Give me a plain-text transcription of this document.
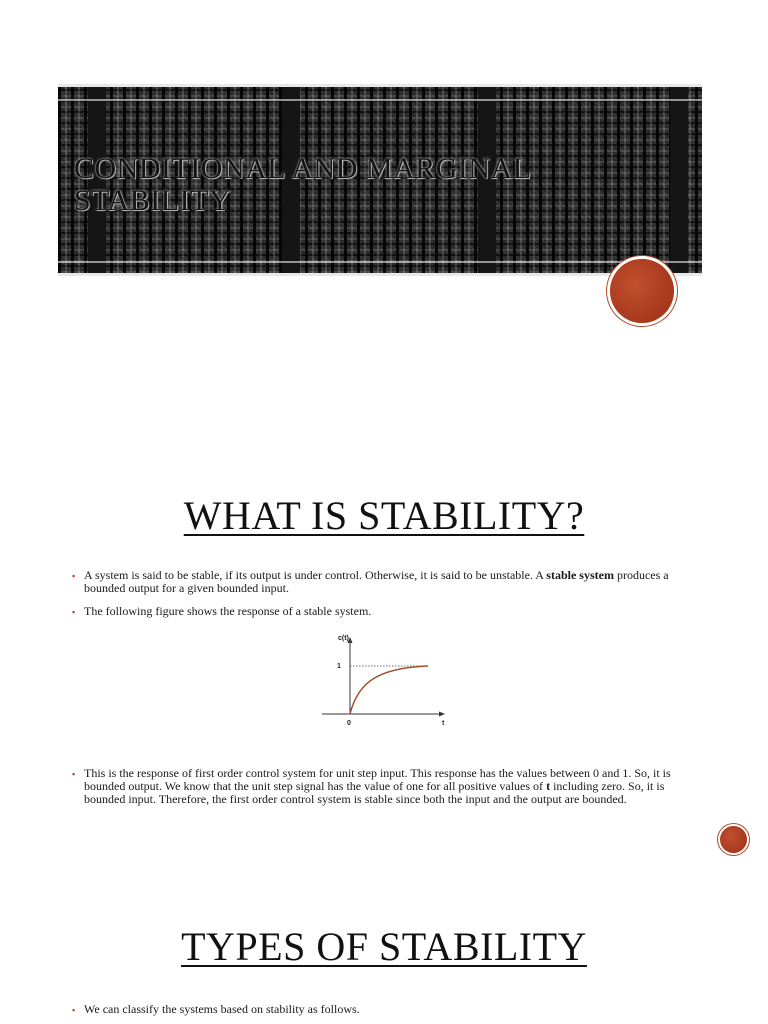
CONDITIONAL AND MARGINAL STABILITY
WHAT IS STABILITY?
▪ A system is said to be stable, if its output is under control. Otherwise, it is said to be unstable. A stable system produces a bounded output for a given bounded input.
▪ The following figure shows the response of a stable system.
c(t)
1
0	t
▪ This is the response of first order control system for unit step input. This response has the values between 0 and 1. So, it is bounded output. We know that the unit step signal has the value of one for all positive values of t including zero. So, it is bounded input. Therefore, the first order control system is stable since both the input and the output are bounded.
TYPES OF STABILITY
▪ We can classify the systems based on stability as follows.
